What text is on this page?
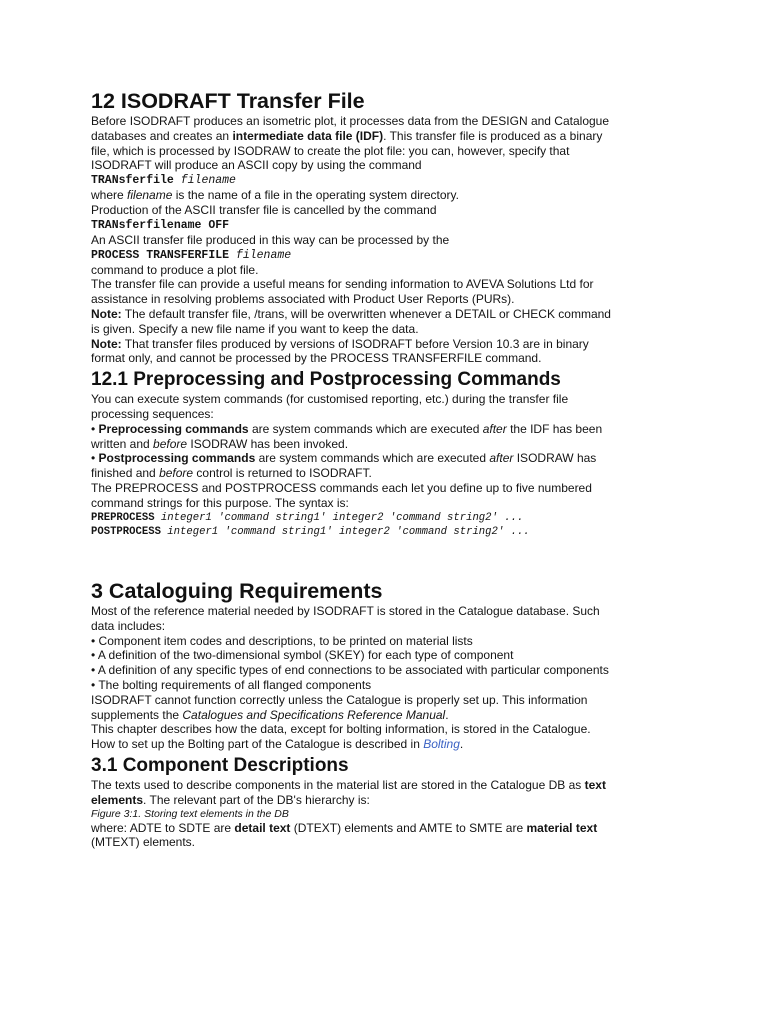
12 ISODRAFT Transfer File

Before ISODRAFT produces an isometric plot, it processes data from the DESIGN and Catalogue databases and creates an intermediate data file (IDF). This transfer file is produced as a binary file, which is processed by ISODRAW to create the plot file: you can, however, specify that ISODRAFT will produce an ASCII copy by using the command

TRANsferfile filename

where filename is the name of a file in the operating system directory.

Production of the ASCII transfer file is cancelled by the command

TRANsferfilename OFF

An ASCII transfer file produced in this way can be processed by the

PROCESS TRANSFERFILE filename

command to produce a plot file.

The transfer file can provide a useful means for sending information to AVEVA Solutions Ltd for assistance in resolving problems associated with Product User Reports (PURs).

Note: The default transfer file, /trans, will be overwritten whenever a DETAIL or CHECK command is given. Specify a new file name if you want to keep the data.

Note: That transfer files produced by versions of ISODRAFT before Version 10.3 are in binary format only, and cannot be processed by the PROCESS TRANSFERFILE command.

12.1 Preprocessing and Postprocessing Commands

You can execute system commands (for customised reporting, etc.) during the transfer file processing sequences:

• Preprocessing commands are system commands which are executed after the IDF has been written and before ISODRAW has been invoked.

• Postprocessing commands are system commands which are executed after ISODRAW has finished and before control is returned to ISODRAFT.

The PREPROCESS and POSTPROCESS commands each let you define up to five numbered command strings for this purpose. The syntax is:

PREPROCESS integer1 'command string1' integer2 'command string2' ...

POSTPROCESS integer1 'command string1' integer2 'command string2' ...

3 Cataloguing Requirements

Most of the reference material needed by ISODRAFT is stored in the Catalogue database. Such data includes:

• Component item codes and descriptions, to be printed on material lists

• A definition of the two-dimensional symbol (SKEY) for each type of component

• A definition of any specific types of end connections to be associated with particular components

• The bolting requirements of all flanged components

ISODRAFT cannot function correctly unless the Catalogue is properly set up. This information supplements the Catalogues and Specifications Reference Manual.

This chapter describes how the data, except for bolting information, is stored in the Catalogue. How to set up the Bolting part of the Catalogue is described in Bolting.

3.1 Component Descriptions

The texts used to describe components in the material list are stored in the Catalogue DB as text elements. The relevant part of the DB's hierarchy is:

Figure 3:1. Storing text elements in the DB

where: ADTE to SDTE are detail text (DTEXT) elements and AMTE to SMTE are material text (MTEXT) elements.
